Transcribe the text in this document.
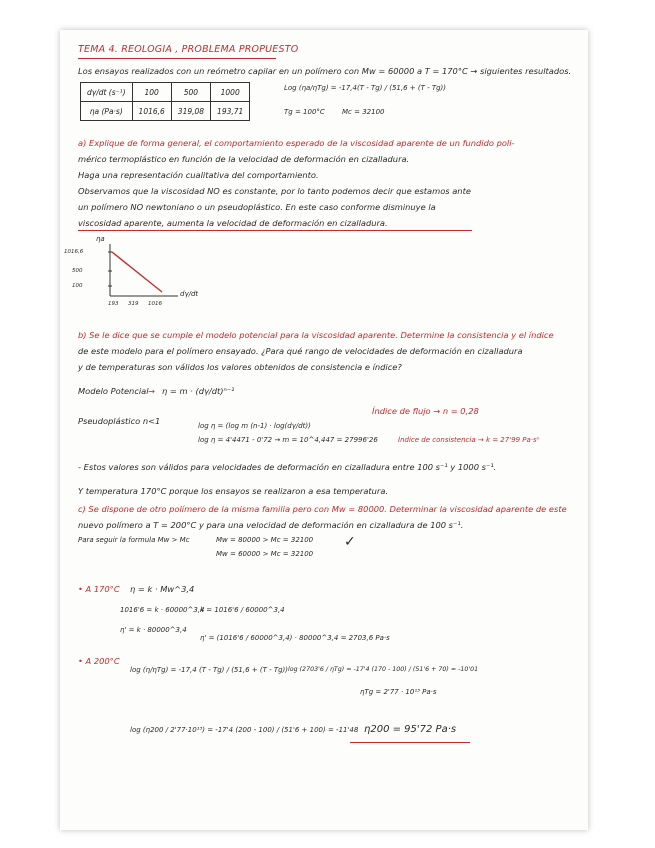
TEMA 4. REOLOGIA , PROBLEMA PROPUESTO
Los ensayos realizados con un reómetro capilar en un polímero con Mw = 60000 a T = 170°C → siguientes resultados.
dγ/dt (s⁻¹)	100	500	1000
ηa (Pa·s)	1016,6	319,08	193,71
Log (ηa/ηTg) = -17,4(T - Tg) / (51,6 + (T - Tg))
Tg = 100°C Mc = 32100
a) Explique de forma general, el comportamiento esperado de la viscosidad aparente de un fundido poli-
mérico termoplástico en función de la velocidad de deformación en cizalladura.
Haga una representación cualitativa del comportamiento.
Observamos que la viscosidad NO es constante, por lo tanto podemos decir que estamos ante
un polímero NO newtoniano o un pseudoplástico. En este caso conforme disminuye la
viscosidad aparente, aumenta la velocidad de deformación en cizalladura.
ηa
1016,6
500
100
dγ/dt
193 319 1016
b) Se le dice que se cumple el modelo potencial para la viscosidad aparente. Determine la consistencia y el índice
de este modelo para el polímero ensayado. ¿Para qué rango de velocidades de deformación en cizalladura
y de temperaturas son válidos los valores obtenidos de consistencia e índice?
Modelo Potencial → η = m · (dγ/dt)ⁿ⁻¹
Pseudoplástico n<1
Índice de flujo → n = 0,28
log η = (log m (n-1) · log(dγ/dt))
log η = 4'4471 - 0'72 → m = 10^4,447 = 27996'26	Índice de consistencia → k = 27'99 Pa·sⁿ
- Estos valores son válidos para velocidades de deformación en cizalladura entre 100 s⁻¹ y 1000 s⁻¹.
Y temperatura 170°C porque los ensayos se realizaron a esa temperatura.
c) Se dispone de otro polímero de la misma familia pero con Mw = 80000. Determinar la viscosidad aparente de este
nuevo polímero a T = 200°C y para una velocidad de deformación en cizalladura de 100 s⁻¹.
Para seguir la formula Mw > Mc	Mw = 80000 > Mc = 32100
Mw = 60000 > Mc = 32100
✓
• A 170°C η = k · Mw^3,4
1016'6 = k · 60000^3,4
k = 1016'6 / 60000^3,4
η' = k · 80000^3,4
η' = (1016'6 / 60000^3,4) · 80000^3,4 = 2703,6 Pa·s
• A 200°C
log (η/ηTg) = -17,4 (T - Tg) / (51,6 + (T - Tg)) log (2703'6 / ηTg) = -17'4 (170 - 100) / (51'6 + 70) = -10'01
ηTg = 2'77 · 10¹³ Pa·s
log (η200 / 2'77·10¹³) = -17'4 (200 - 100) / (51'6 + 100) = -11'48 η200 = 95'72 Pa·s
